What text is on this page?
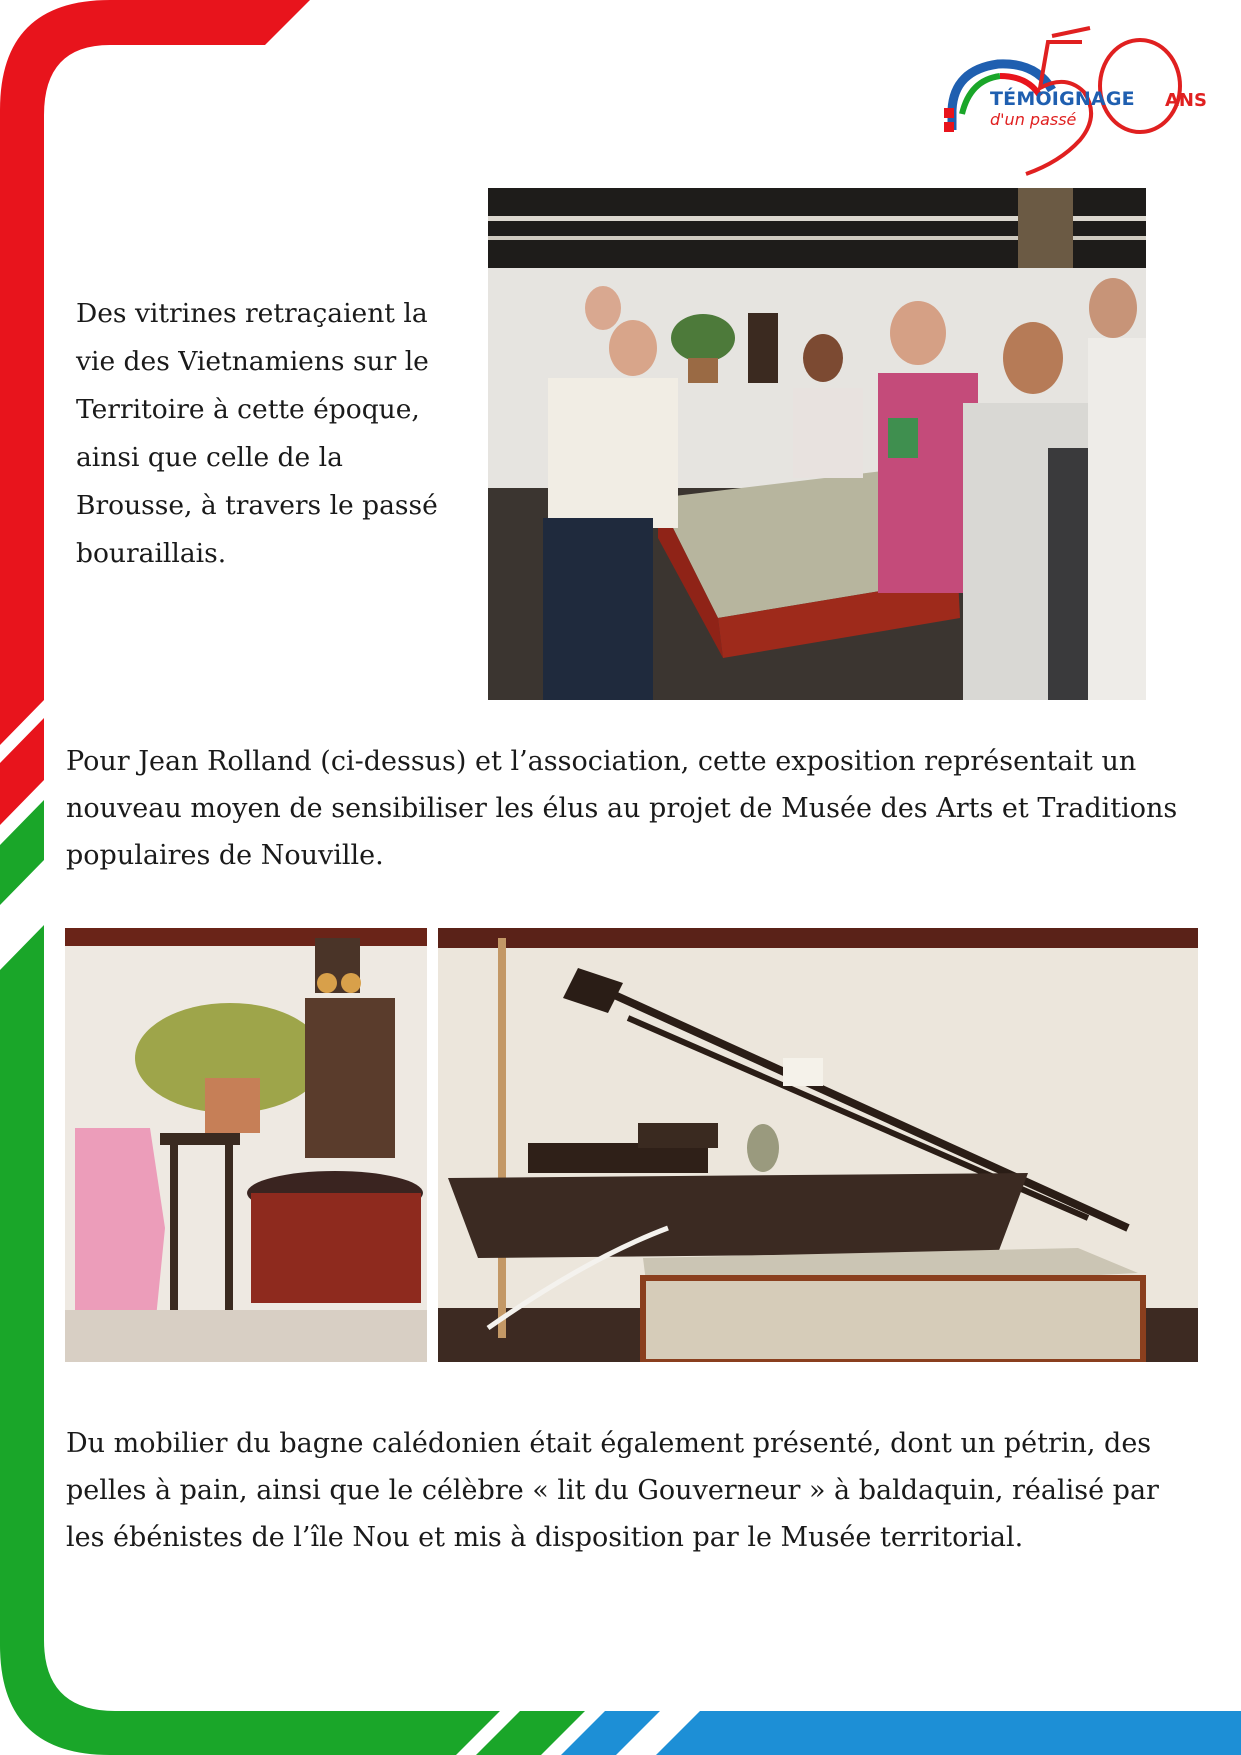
TÉMOIGNAGE
d'un passé
ANS
Des vitrines retraçaient la vie des Vietnamiens sur le Territoire à cette époque, ainsi que celle de la Brousse, à travers le passé bouraillais.
Pour Jean Rolland (ci-dessus) et l’association, cette exposition représentait un nouveau moyen de sensibiliser les élus au projet de Musée des Arts et Traditions populaires de Nouville.
Du mobilier du bagne calédonien était également présenté, dont un pétrin, des pelles à pain, ainsi que le célèbre « lit du Gouverneur » à baldaquin, réalisé par les ébénistes de l’île Nou et mis à disposition par le Musée territorial.
